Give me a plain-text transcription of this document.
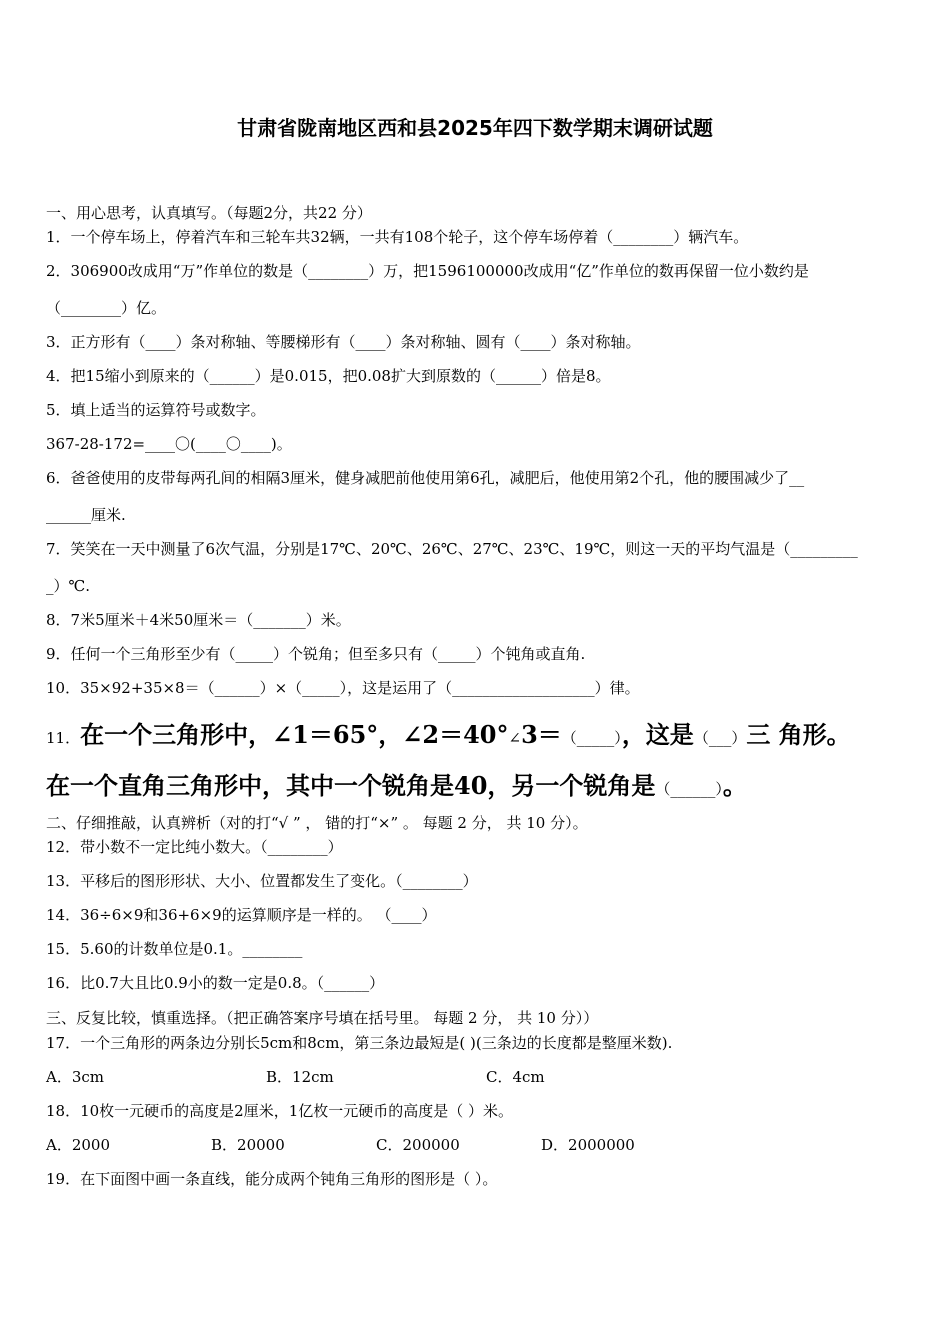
甘肃省陇南地区西和县2025年四下数学期末调研试题
一、用心思考，认真填写。（每题2分，共22 分）
1．一个停车场上，停着汽车和三轮车共32辆，一共有108个轮子，这个停车场停着（________）辆汽车。
2．306900改成用“万”作单位的数是（________）万，把1596100000改成用“亿”作单位的数再保留一位小数约是
（________）亿。
3．正方形有（____）条对称轴、等腰梯形有（____）条对称轴、圆有（____）条对称轴。
4．把15缩小到原来的（______）是0.015，把0.08扩大到原数的（______）倍是8。
5．填上适当的运算符号或数字。
367-28-172=____〇(____〇____)。
6．爸爸使用的皮带每两孔间的相隔3厘米，健身减肥前他使用第6孔，减肥后，他使用第2个孔，他的腰围减少了__
______厘米.
7．笑笑在一天中测量了6次气温，分别是17℃、20℃、26℃、27℃、23℃、19℃，则这一天的平均气温是（_________
_）℃.
8．7米5厘米＋4米50厘米＝（_______）米。
9．任何一个三角形至少有（_____）个锐角；但至多只有（_____）个钝角或直角.
10．35×92+35×8＝（______）×（_____），这是运用了（___________________）律。
11．在一个三角形中，∠1＝65°，∠2＝40°∠3＝（_____），这是（___）三 角形。
在一个直角三角形中，其中一个锐角是40，另一个锐角是（______）。
二、仔细推敲，认真辨析（对的打“√ ” ， 错的打“×” 。 每题 2 分， 共 10 分）。
12．带小数不一定比纯小数大。（________）
13．平移后的图形形状、大小、位置都发生了变化。（________）
14．36÷6×9和36+6×9的运算顺序是一样的。 （____）
15．5.60的计数单位是0.1。________
16．比0.7大且比0.9小的数一定是0.8。（______）
三、反复比较，慎重选择。（把正确答案序号填在括号里。 每题 2 分， 共 10 分））
17．一个三角形的两条边分别长5cm和8cm，第三条边最短是( )(三条边的长度都是整厘米数).
A．3cm	B．12cm	C．4cm
18．10枚一元硬币的高度是2厘米，1亿枚一元硬币的高度是（ ）米。
A．2000	B．20000	C．200000	D．2000000
19．在下面图中画一条直线，能分成两个钝角三角形的图形是（ ）。
